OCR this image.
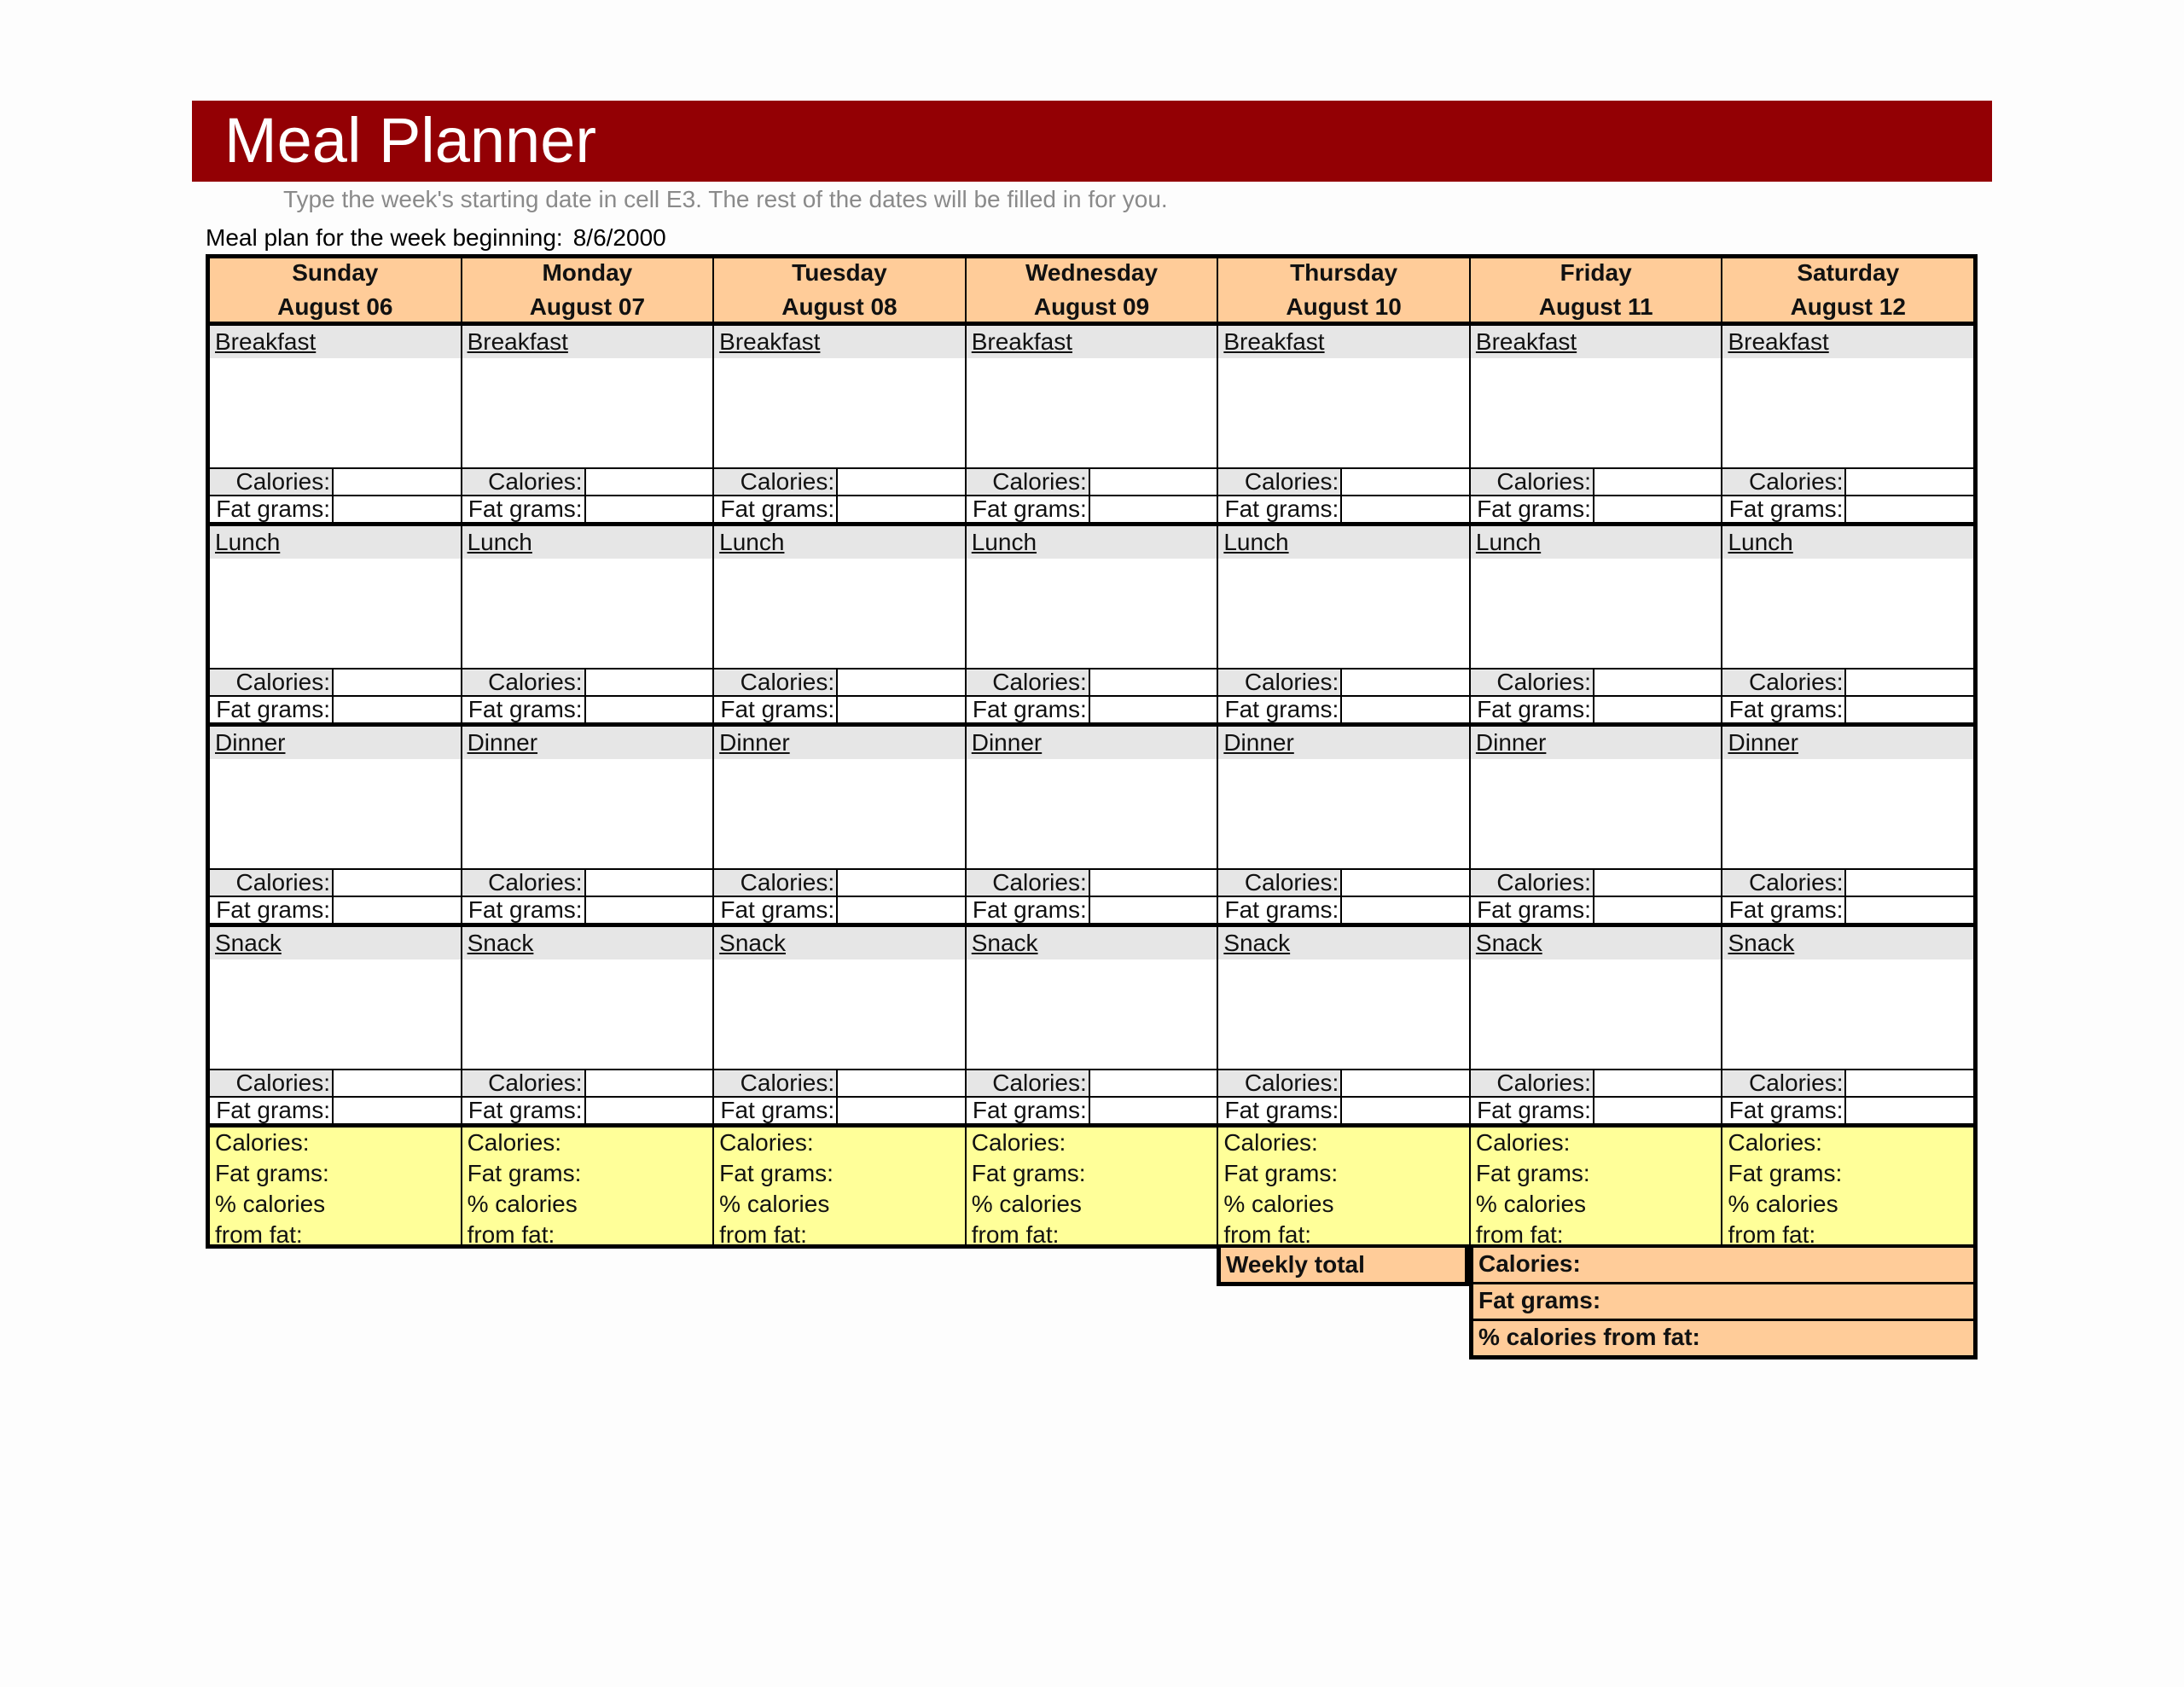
Meal Planner
Type the week's starting date in cell E3. The rest of the dates will be filled in for you.
Meal plan for the week beginning: 8/6/2000
Sunday
August 06
Monday
August 07
Tuesday
August 08
Wednesday
August 09
Thursday
August 10
Friday
August 11
Saturday
August 12
Breakfast
Calories:
Fat grams:
Breakfast
Calories:
Fat grams:
Breakfast
Calories:
Fat grams:
Breakfast
Calories:
Fat grams:
Breakfast
Calories:
Fat grams:
Breakfast
Calories:
Fat grams:
Breakfast
Calories:
Fat grams:
Lunch
Calories:
Fat grams:
Lunch
Calories:
Fat grams:
Lunch
Calories:
Fat grams:
Lunch
Calories:
Fat grams:
Lunch
Calories:
Fat grams:
Lunch
Calories:
Fat grams:
Lunch
Calories:
Fat grams:
Dinner
Calories:
Fat grams:
Dinner
Calories:
Fat grams:
Dinner
Calories:
Fat grams:
Dinner
Calories:
Fat grams:
Dinner
Calories:
Fat grams:
Dinner
Calories:
Fat grams:
Dinner
Calories:
Fat grams:
Snack
Calories:
Fat grams:
Snack
Calories:
Fat grams:
Snack
Calories:
Fat grams:
Snack
Calories:
Fat grams:
Snack
Calories:
Fat grams:
Snack
Calories:
Fat grams:
Snack
Calories:
Fat grams:
Calories:
Fat grams:
% calories
from fat:
Calories:
Fat grams:
% calories
from fat:
Calories:
Fat grams:
% calories
from fat:
Calories:
Fat grams:
% calories
from fat:
Calories:
Fat grams:
% calories
from fat:
Calories:
Fat grams:
% calories
from fat:
Calories:
Fat grams:
% calories
from fat:
Weekly total	Calories:
Fat grams:
% calories from fat:
